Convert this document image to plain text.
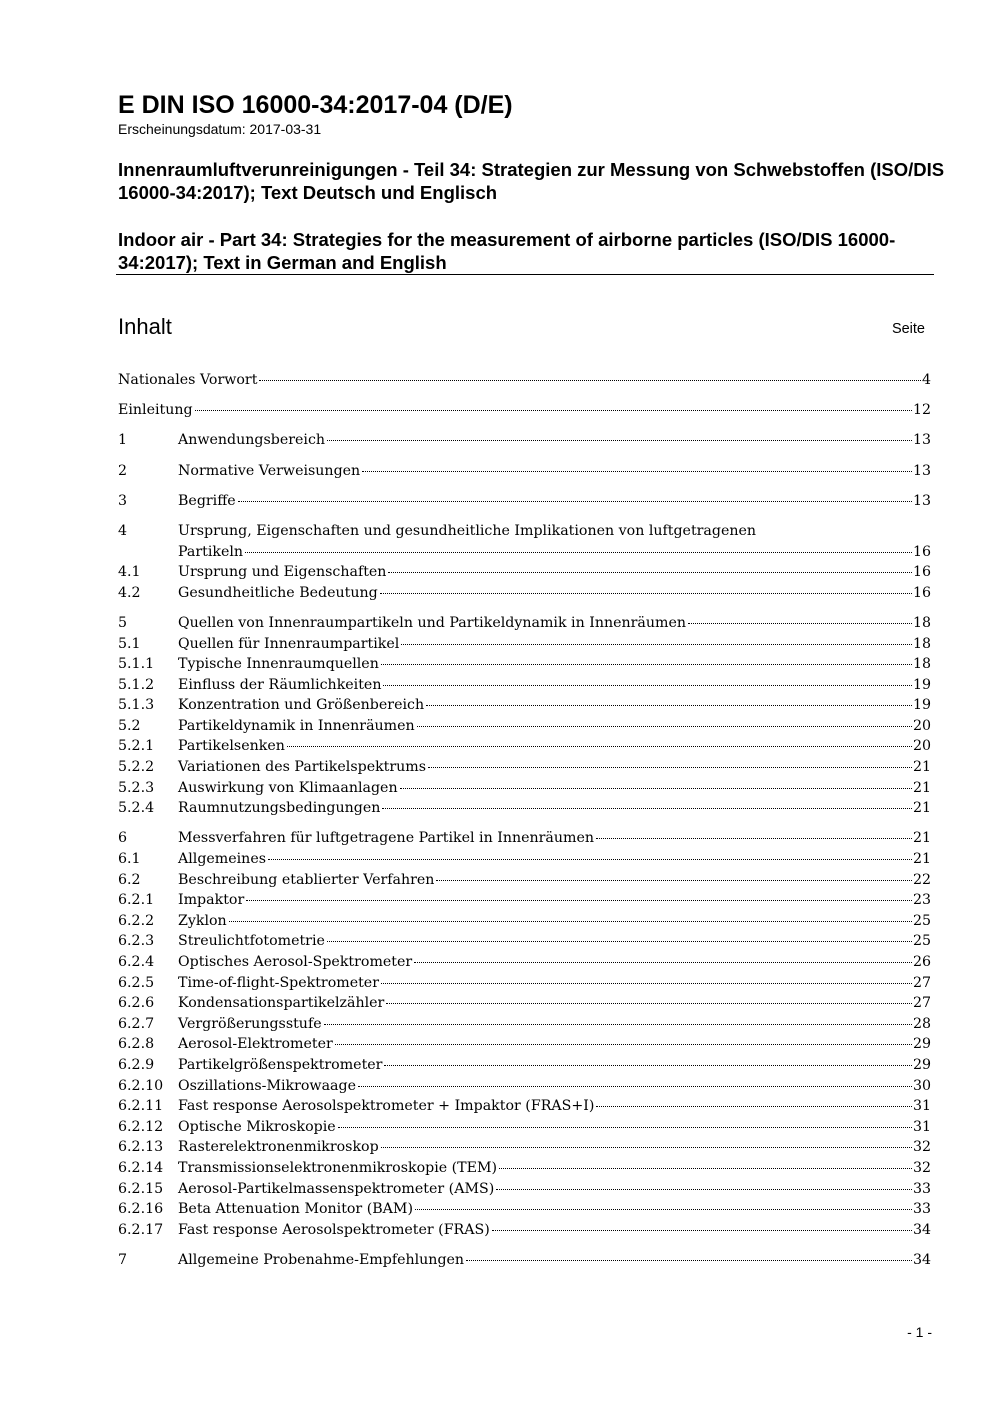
E DIN ISO 16000-34:2017-04 (D/E)
Erscheinungsdatum: 2017-03-31
Innenraumluftverunreinigungen - Teil 34: Strategien zur Messung von Schwebstoffen (ISO/DIS 16000-34:2017); Text Deutsch und Englisch
Indoor air - Part 34: Strategies for the measurement of airborne particles (ISO/DIS 16000-34:2017); Text in German and English
Inhalt	Seite
Nationales Vorwort	4
Einleitung	12
1	Anwendungsbereich	13
2	Normative Verweisungen	13
3	Begriffe	13
4	Ursprung, Eigenschaften und gesundheitliche Implikationen von luftgetragenen
Partikeln	16
4.1	Ursprung und Eigenschaften	16
4.2	Gesundheitliche Bedeutung	16
5	Quellen von Innenraumpartikeln und Partikeldynamik in Innenräumen	18
5.1	Quellen für Innenraumpartikel	18
5.1.1	Typische Innenraumquellen	18
5.1.2	Einfluss der Räumlichkeiten	19
5.1.3	Konzentration und Größenbereich	19
5.2	Partikeldynamik in Innenräumen	20
5.2.1	Partikelsenken	20
5.2.2	Variationen des Partikelspektrums	21
5.2.3	Auswirkung von Klimaanlagen	21
5.2.4	Raumnutzungsbedingungen	21
6	Messverfahren für luftgetragene Partikel in Innenräumen	21
6.1	Allgemeines	21
6.2	Beschreibung etablierter Verfahren	22
6.2.1	Impaktor	23
6.2.2	Zyklon	25
6.2.3	Streulichtfotometrie	25
6.2.4	Optisches Aerosol-Spektrometer	26
6.2.5	Time-of-flight-Spektrometer	27
6.2.6	Kondensationspartikelzähler	27
6.2.7	Vergrößerungsstufe	28
6.2.8	Aerosol-Elektrometer	29
6.2.9	Partikelgrößenspektrometer	29
6.2.10	Oszillations-Mikrowaage	30
6.2.11	Fast response Aerosolspektrometer + Impaktor (FRAS+I)	31
6.2.12	Optische Mikroskopie	31
6.2.13	Rasterelektronenmikroskop	32
6.2.14	Transmissionselektronenmikroskopie (TEM)	32
6.2.15	Aerosol-Partikelmassenspektrometer (AMS)	33
6.2.16	Beta Attenuation Monitor (BAM)	33
6.2.17	Fast response Aerosolspektrometer (FRAS)	34
7	Allgemeine Probenahme-Empfehlungen	34
- 1 -
